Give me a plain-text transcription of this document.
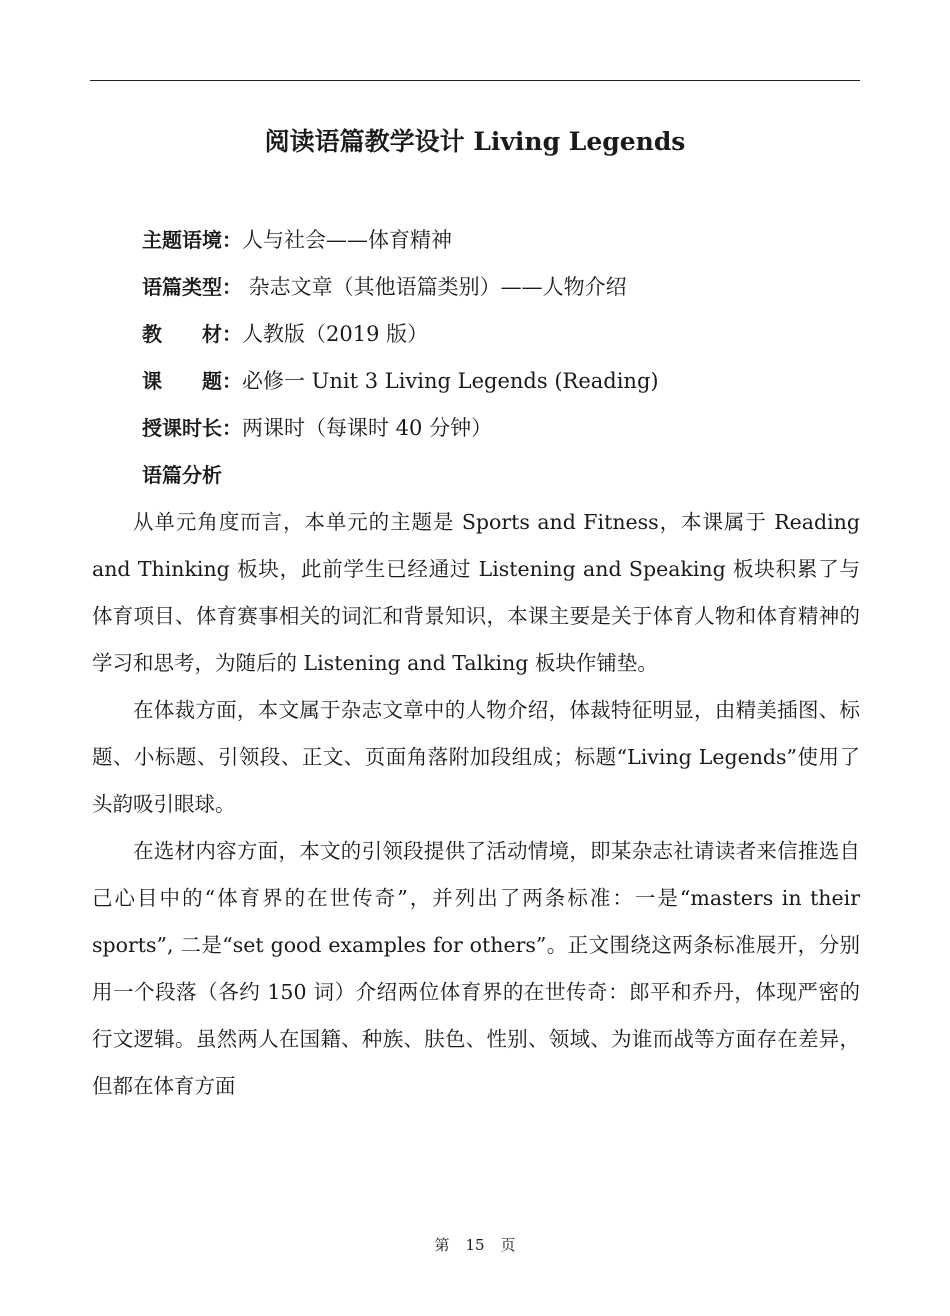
阅读语篇教学设计 Living Legends
主题语境：人与社会——体育精神
语篇类型： 杂志文章（其他语篇类别）——人物介绍
教　　材：人教版（2019 版）
课　　题：必修一 Unit 3 Living Legends (Reading)
授课时长：两课时（每课时 40 分钟）
语篇分析

从单元角度而言，本单元的主题是 Sports and Fitness，本课属于 Reading and Thinking 板块，此前学生已经通过 Listening and Speaking 板块积累了与体育项目、体育赛事相关的词汇和背景知识，本课主要是关于体育人物和体育精神的学习和思考，为随后的 Listening and Talking 板块作铺垫。

在体裁方面，本文属于杂志文章中的人物介绍，体裁特征明显，由精美插图、标题、小标题、引领段、正文、页面角落附加段组成；标题“Living Legends”使用了头韵吸引眼球。

在选材内容方面，本文的引领段提供了活动情境，即某杂志社请读者来信推选自己心目中的“体育界的在世传奇”，并列出了两条标准：一是“masters in their sports”, 二是“set good examples for others”。正文围绕这两条标准展开，分别用一个段落（各约 150 词）介绍两位体育界的在世传奇：郎平和乔丹，体现严密的行文逻辑。虽然两人在国籍、种族、肤色、性别、领域、为谁而战等方面存在差异，但都在体育方面

第 15 页
